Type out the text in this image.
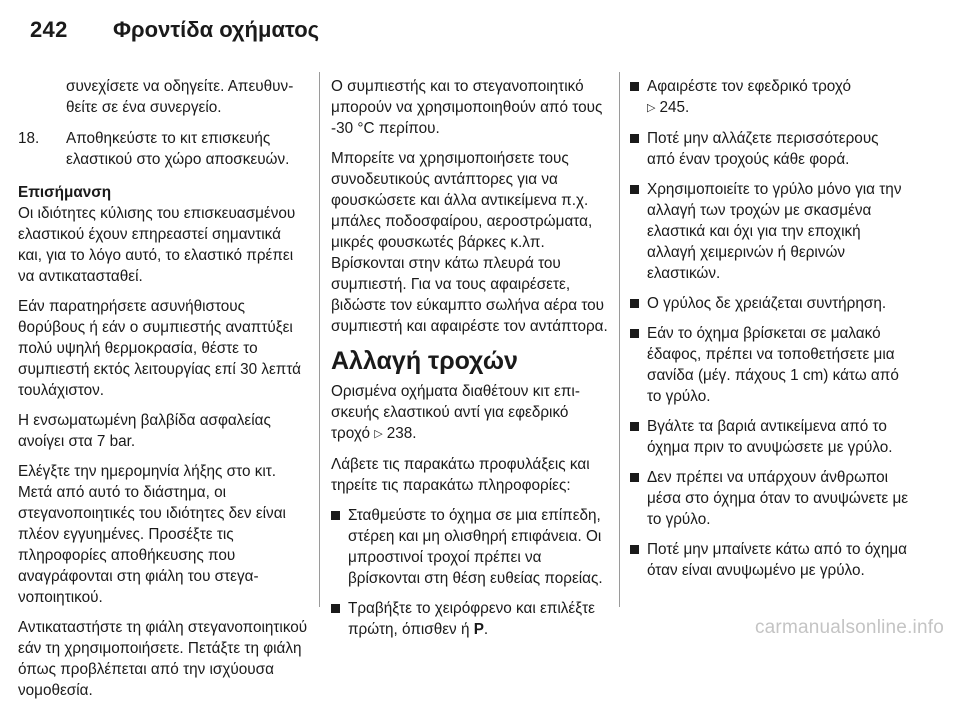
242 Φροντίδα οχήματος

συνεχίσετε να οδηγείτε. Απευθυνθείτε σε ένα συνεργείο.

18. Αποθηκεύστε το κιτ επισκευής ελαστικού στο χώρο αποσκευών.

Επισήμανση
Οι ιδιότητες κύλισης του επισκευασμένου ελαστικού έχουν επηρεαστεί σημαντικά και, για το λόγο αυτό, το ελαστικό πρέπει να αντικατασταθεί.

Εάν παρατηρήσετε ασυνήθιστους θορύβους ή εάν ο συμπιεστής αναπτύξει πολύ υψηλή θερμοκρασία, θέστε το συμπιεστή εκτός λειτουργίας επί 30 λεπτά τουλάχιστον.

Η ενσωματωμένη βαλβίδα ασφαλείας ανοίγει στα 7 bar.

Ελέγξτε την ημερομηνία λήξης στο κιτ. Μετά από αυτό το διάστημα, οι στεγανοποιητικές του ιδιότητες δεν είναι πλέον εγγυημένες. Προσέξτε τις πληροφορίες αποθήκευσης που αναγράφονται στη φιάλη του στεγανοποιητικού.

Αντικαταστήστε τη φιάλη στεγανοποιητικού εάν τη χρησιμοποιήσετε. Πετάξτε τη φιάλη όπως προβλέπεται από την ισχύουσα νομοθεσία.

Ο συμπιεστής και το στεγανοποιητικό μπορούν να χρησιμοποιηθούν από τους -30 °C περίπου.

Μπορείτε να χρησιμοποιήσετε τους συνοδευτικούς αντάπτορες για να φουσκώσετε και άλλα αντικείμενα π.χ. μπάλες ποδοσφαίρου, αεροστρώματα, μικρές φουσκωτές βάρκες κ.λπ. Βρίσκονται στην κάτω πλευρά του συμπιεστή. Για να τους αφαιρέσετε, βιδώστε τον εύκαμπτο σωλήνα αέρα του συμπιεστή και αφαιρέστε τον αντάπτορα.

Αλλαγή τροχών

Ορισμένα οχήματα διαθέτουν κιτ επισκευής ελαστικού αντί για εφεδρικό τροχό ▷ 238.

Λάβετε τις παρακάτω προφυλάξεις και τηρείτε τις παρακάτω πληροφορίες:

Σταθμεύστε το όχημα σε μια επίπεδη, στέρεη και μη ολισθηρή επιφάνεια. Οι μπροστινοί τροχοί πρέπει να βρίσκονται στη θέση ευθείας πορείας.
Τραβήξτε το χειρόφρενο και επιλέξτε πρώτη, όπισθεν ή P.
Αφαιρέστε τον εφεδρικό τροχό
▷ 245.
Ποτέ μην αλλάζετε περισσότερους από έναν τροχούς κάθε φορά.
Χρησιμοποιείτε το γρύλο μόνο για την αλλαγή των τροχών με σκασμένα ελαστικά και όχι για την εποχική αλλαγή χειμερινών ή θερινών ελαστικών.
Ο γρύλος δε χρειάζεται συντήρηση.
Εάν το όχημα βρίσκεται σε μαλακό έδαφος, πρέπει να τοποθετήσετε μια σανίδα (μέγ. πάχους 1 cm) κάτω από το γρύλο.
Βγάλτε τα βαριά αντικείμενα από το όχημα πριν το ανυψώσετε με γρύλο.
Δεν πρέπει να υπάρχουν άνθρωποι μέσα στο όχημα όταν το ανυψώνετε με το γρύλο.
Ποτέ μην μπαίνετε κάτω από το όχημα όταν είναι ανυψωμένο με γρύλο.
carmanualsonline.info
